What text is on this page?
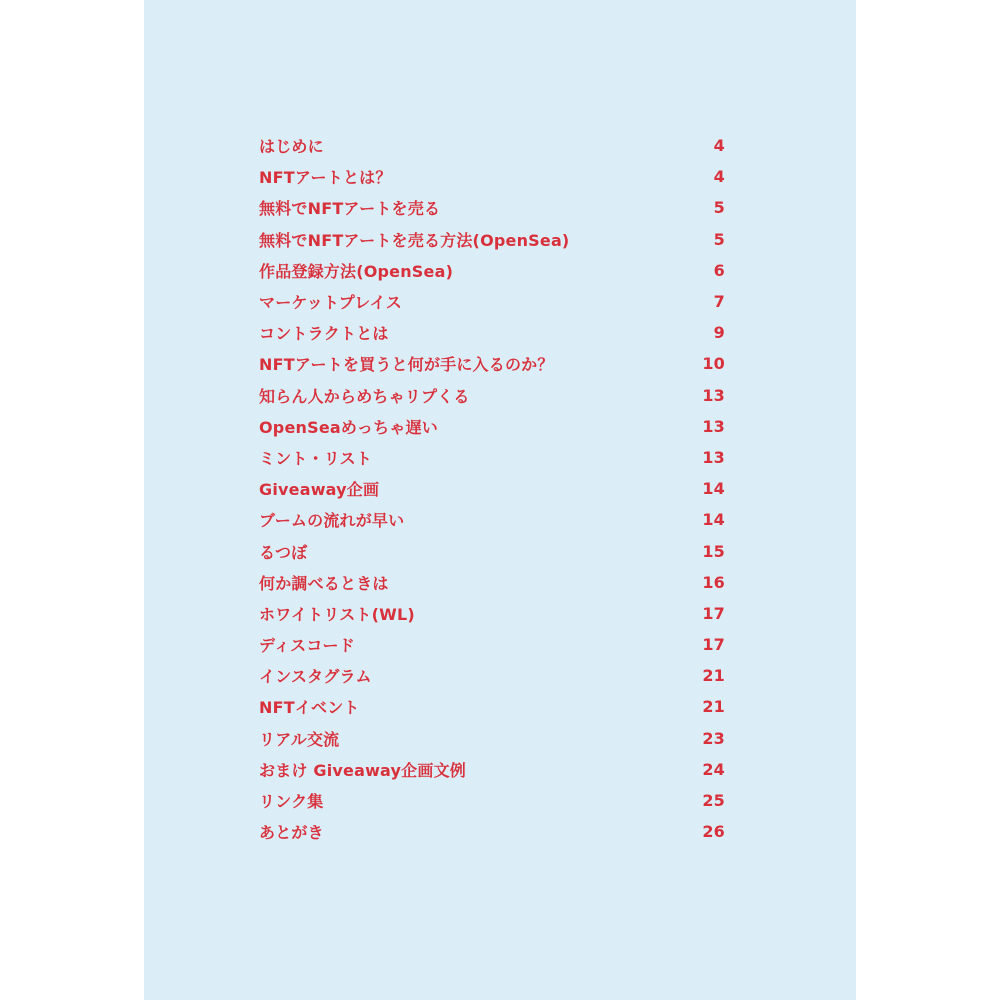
はじめに	4
NFTアートとは？	4
無料でNFTアートを売る	5
無料でNFTアートを売る方法(OpenSea)	5
作品登録方法(OpenSea)	6
マーケットプレイス	7
コントラクトとは	9
NFTアートを買うと何が手に入るのか？	10
知らん人からめちゃリプくる	13
OpenSeaめっちゃ遅い	13
ミント・リスト	13
Giveaway企画	14
ブームの流れが早い	14
るつぼ	15
何か調べるときは	16
ホワイトリスト(WL)	17
ディスコード	17
インスタグラム	21
NFTイベント	21
リアル交流	23
おまけ Giveaway企画文例	24
リンク集	25
あとがき	26
